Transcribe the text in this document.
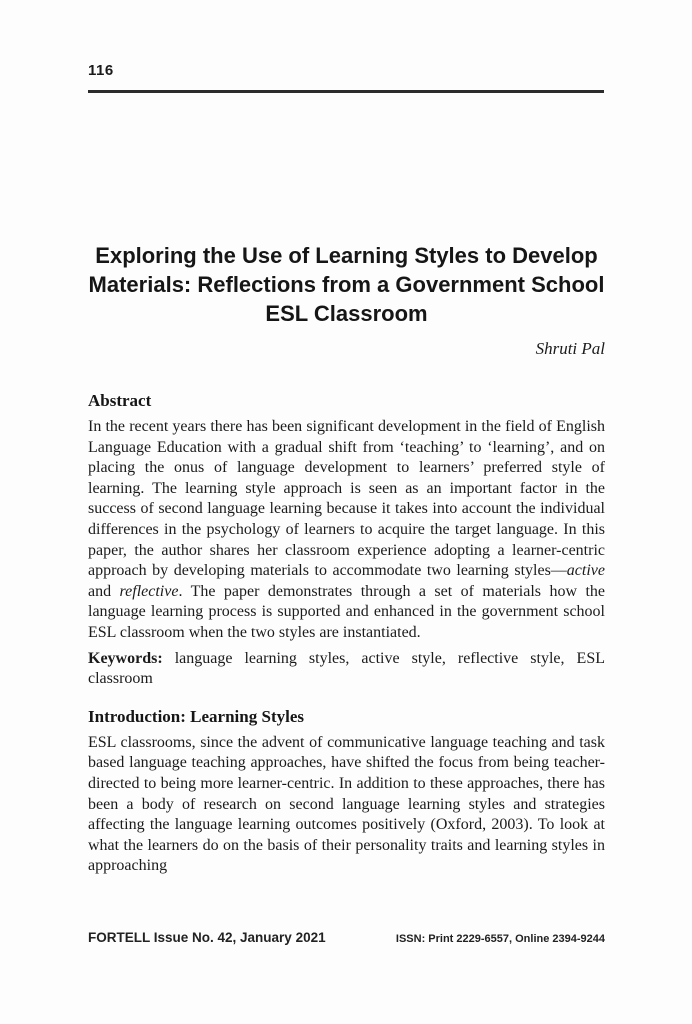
116
Exploring the Use of Learning Styles to Develop
Materials: Reflections from a Government School
ESL Classroom
Shruti Pal
Abstract

In the recent years there has been significant development in the field of English Language Education with a gradual shift from ‘teaching’ to ‘learning’, and on placing the onus of language development to learners’ preferred style of learning. The learning style approach is seen as an important factor in the success of second language learning because it takes into account the individual differences in the psychology of learners to acquire the target language. In this paper, the author shares her classroom experience adopting a learner-centric approach by developing materials to accommodate two learning styles—active and reflective. The paper demonstrates through a set of materials how the language learning process is supported and enhanced in the government school ESL classroom when the two styles are instantiated.

Keywords: language learning styles, active style, reflective style, ESL classroom

Introduction: Learning Styles

ESL classrooms, since the advent of communicative language teaching and task based language teaching approaches, have shifted the focus from being teacher-directed to being more learner-centric. In addition to these approaches, there has been a body of research on second language learning styles and strategies affecting the language learning outcomes positively (Oxford, 2003). To look at what the learners do on the basis of their personality traits and learning styles in approaching

FORTELL Issue No. 42, January 2021	ISSN: Print 2229-6557, Online 2394-9244
